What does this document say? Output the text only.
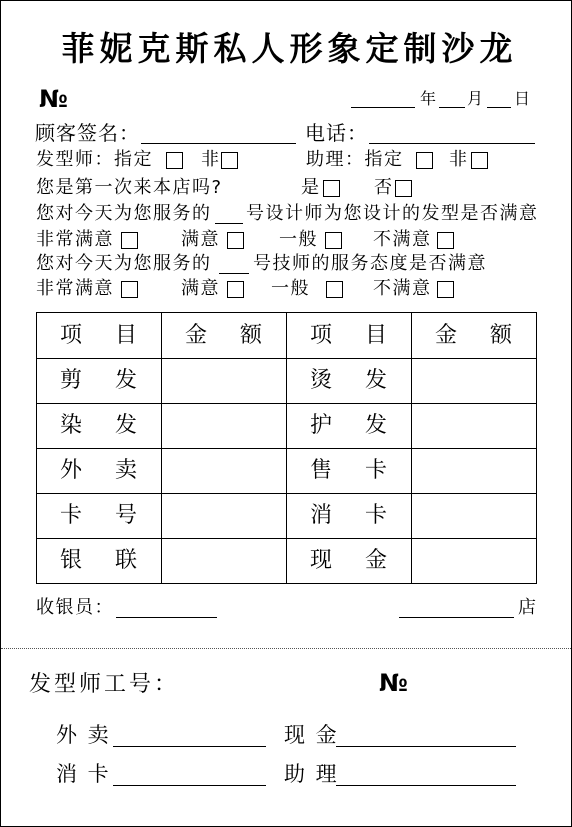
菲妮克斯私人形象定制沙龙
№	年 月 日
顾客签名：	电话：
发型师：指定	非	助理：指定	非
您是第一次来本店吗?	是	否
您对今天为您服务的 号设计师为您设计的发型是否满意
非常满意	满意	一般	不满意
您对今天为您服务的 号技师的服务态度是否满意
非常满意	满意	一般	不满意
项 目	金 额	项 目	金 额
剪 发		烫 发	
染 发		护 发	
外 卖		售 卡	
卡 号		消 卡	
银 联		现 金	
收银员：	店
发型师工号：	№
外 卖	现 金
消 卡	助 理
